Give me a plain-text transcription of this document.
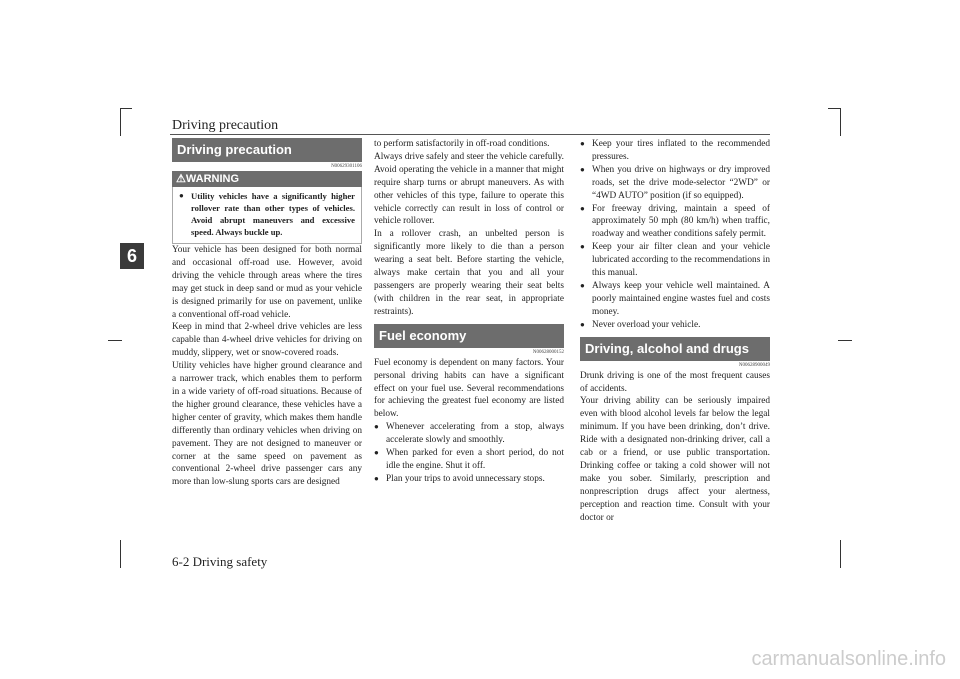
Driving precaution
6
Driving precaution
N00629301106
⚠WARNING

● Utility vehicles have a significantly higher rollover rate than other types of vehicles. Avoid abrupt maneuvers and excessive speed. Always buckle up.

Your vehicle has been designed for both normal and occasional off-road use. However, avoid driving the vehicle through areas where the tires may get stuck in deep sand or mud as your vehicle is designed primarily for use on pavement, unlike a conventional off-road vehicle.

Keep in mind that 2-wheel drive vehicles are less capable than 4-wheel drive vehicles for driving on muddy, slippery, wet or snow-covered roads.

Utility vehicles have higher ground clearance and a narrower track, which enables them to perform in a wide variety of off-road situations. Because of the higher ground clearance, these vehicles have a higher center of gravity, which makes them handle differently than ordinary vehicles when driving on pavement. They are not designed to maneuver or corner at the same speed on pavement as conventional 2-wheel drive passenger cars any more than low-slung sports cars are designed

to perform satisfactorily in off-road conditions.

Always drive safely and steer the vehicle carefully. Avoid operating the vehicle in a manner that might require sharp turns or abrupt maneuvers. As with other vehicles of this type, failure to operate this vehicle correctly can result in loss of control or vehicle rollover.

In a rollover crash, an unbelted person is significantly more likely to die than a person wearing a seat belt. Before starting the vehicle, always make certain that you and all your passengers are properly wearing their seat belts (with children in the rear seat, in appropriate restraints).

Fuel economy
N00628000152

Fuel economy is dependent on many factors. Your personal driving habits can have a significant effect on your fuel use. Several recommendations for achieving the greatest fuel economy are listed below.

● Whenever accelerating from a stop, always accelerate slowly and smoothly.

● When parked for even a short period, do not idle the engine. Shut it off.

● Plan your trips to avoid unnecessary stops.

● Keep your tires inflated to the recommended pressures.

● When you drive on highways or dry improved roads, set the drive mode-selector “2WD” or “4WD AUTO” position (if so equipped).

● For freeway driving, maintain a speed of approximately 50 mph (80 km/h) when traffic, roadway and weather conditions safely permit.

● Keep your air filter clean and your vehicle lubricated according to the recommendations in this manual.

● Always keep your vehicle well maintained. A poorly maintained engine wastes fuel and costs money.

● Never overload your vehicle.

Driving, alcohol and drugs
N00628900049

Drunk driving is one of the most frequent causes of accidents.

Your driving ability can be seriously impaired even with blood alcohol levels far below the legal minimum. If you have been drinking, don’t drive. Ride with a designated non-drinking driver, call a cab or a friend, or use public transportation. Drinking coffee or taking a cold shower will not make you sober. Similarly, prescription and nonprescription drugs affect your alertness, perception and reaction time. Consult with your doctor or

6-2 Driving safety
carmanualsonline.info
